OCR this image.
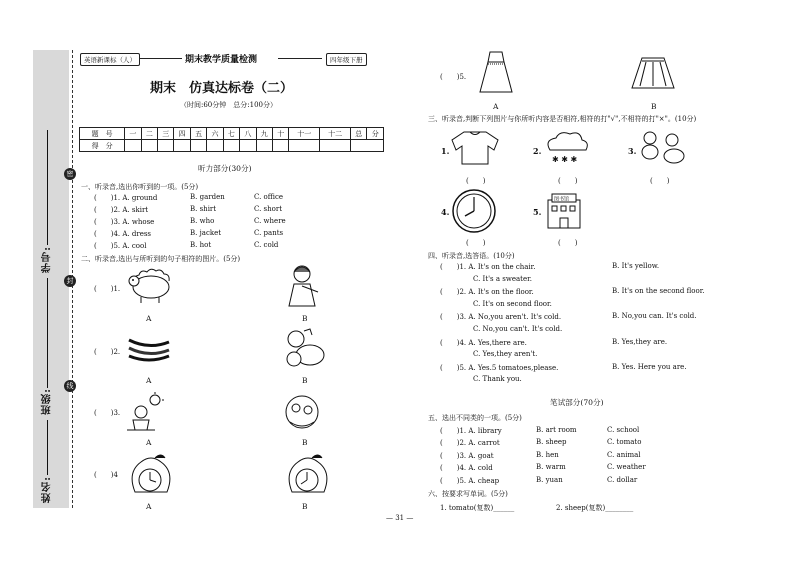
学号:
班级:
姓名:
密
封
线
英语新课标（人）	期末教学质量检测	四年级下册
期末　仿真达标卷（二）
（时间:60分钟　总分:100分）
题　号	一	二	三	四	五	六	七	八	九	十	十一	十二	总	分
得　分														
听力部分(30分)
一、听录音,选出你听到的一项。(5分)
(　　)1. A. ground	B. garden	C. office
(　　)2. A. skirt	B. shirt	C. short
(　　)3. A. whose	B. who	C. where
(　　)4. A. dress	B. jacket	C. pants
(　　)5. A. cool	B. hot	C. cold
二、听录音,选出与所听到的句子相符的图片。(5分)
(　　)1.
A	B
(　　)2.
A	B
(　　)3.
A	B
(　　)4
A	B
(　　)5.
A	B
三、听录音,判断下列图片与你所听内容是否相符,相符的打"√",不相符的打"×"。(10分)
1.
(　　)
2.
✱ ✱ ✱
(　　)
3.
(　　)
4.
(　　)
5.
图书馆
(　　)
四、听录音,选答语。(10分)
(　　)1. A. It's on the chair.	B. It's yellow.
C. It's a sweater.
(　　)2. A. It's on the floor.	B. It's on the second floor.
C. It's on second floor.
(　　)3. A. No,you aren't. It's cold.	B. No,you can. It's cold.
C. No,you can't. It's cold.
(　　)4. A. Yes,there are.	B. Yes,they are.
C. Yes,they aren't.
(　　)5. A. Yes.5 tomatoes,please.	B. Yes. Here you are.
C. Thank you.
笔试部分(70分)
五、选出不同类的一项。(5分)
(　　)1. A. library	B. art room	C. school
(　　)2. A. carrot	B. sheep	C. tomato
(　　)3. A. goat	B. hen	C. animal
(　　)4. A. cold	B. warm	C. weather
(　　)5. A. cheap	B. yuan	C. dollar
六、按要求写单词。(5分)
1. tomato(复数)______	2. sheep(复数)________
— 31 —
